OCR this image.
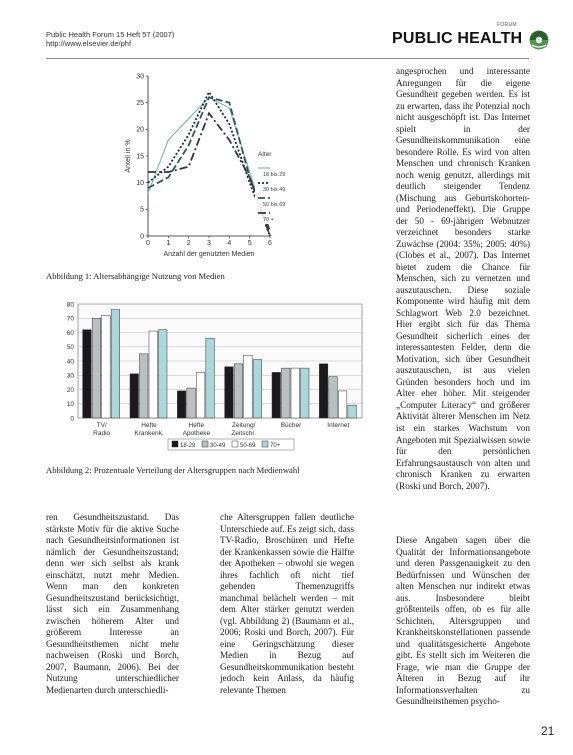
Public Health Forum 15 Heft 57 (2007)
http://www.elsevier.de/phf
FORUM
PUBLIC HEALTH
0
5
10
15
20
25
30
0 1 2 3 4 5 6
Anzahl der genutzten Medien
Anteil in %	Alter
18 bis 29
30 bis 49
50 bis 69
70 +
Abbildung 1: Altersabhängige Nutzung von Medien
0
10
20
30
40
50
60
70
80
TV/
Radio
Hefte
Krankenk.
Hefte
Apotheke
Zeitung/
Zeitschr.
Bücher	Internet
18-29 30-49 50-69 70+
Abbildung 2: Prozentuale Verteilung der Altersgruppen nach Medienwahl

angesprochen und interessante Anregungen für die eigene Gesundheit gegeben werden. Es ist zu erwarten, dass ihr Potenzial noch nicht ausgeschöpft ist. Das Internet spielt in der Gesundheitskommunikation eine besondere Rolle. Es wird von alten Menschen und chronisch Kranken noch wenig genutzt, allerdings mit deutlich steigender Tendenz (Mischung aus Geburtskohorten- und Periodeneffekt). Die Gruppe der 50 - 69-jährigen Webnutzer verzeichnet besonders starke Zuwächse (2004: 35%; 2005: 40%) (Clobes et al., 2007). Das Internet bietet zudem die Chance für Menschen, sich zu vernetzen und auszutauschen. Diese soziale Komponente wird häufig mit dem Schlagwort Web 2.0 bezeichnet. Hier ergibt sich für das Thema Gesundheit sicherlich eines der interessantesten Felder, denn die Motivation, sich über Gesundheit auszutauschen, ist aus vielen Gründen besonders hoch und im Alter eher höher. Mit steigender „Computer Literacy“ und größerer Aktivität älterer Menschen im Netz ist ein starkes Wachstum von Angeboten mit Spezialwissen sowie für den persönlichen Erfahrungsaustausch von alten und chronisch Kranken zu erwarten (Roski und Borch, 2007).

ren Gesundheitszustand. Das stärkste Motiv für die aktive Suche nach Gesundheitsinformationen ist nämlich der Gesundheitszustand; denn wer sich selbst als krank einschätzt, nutzt mehr Medien. Wenn man den konkreten Gesundheitszustand berücksichtigt, lässt sich ein Zusammenhang zwischen höherem Alter und größerem Interesse an Gesundheitsthemen nicht mehr nachweisen (Roski und Borch, 2007, Baumann, 2006). Bei der Nutzung unterschiedlicher Medienarten durch unterschiedli-

che Altersgruppen fallen deutliche Unterschiede auf. Es zeigt sich, dass TV-Radio, Broschüren und Hefte der Krankenkassen sowie die Hälfte der Apotheken – obwohl sie wegen ihres fachlich oft nicht tief gehenden Themenzugriffs manchmal belächelt werden – mit dem Alter stärker genutzt werden (vgl. Abbildung 2) (Baumann et al., 2006; Roski und Borch, 2007). Für eine Geringschätzung dieser Medien in Bezug auf Gesundheitskommunikation besteht jedoch kein Anlass, da häufig relevante Themen

Diese Angaben sagen über die Qualität der Informationsangebote und deren Passgenauigkeit zu den Bedürfnissen und Wünschen der alten Menschen nur indirekt etwas aus. Insbesondere bleibt größtenteils offen, ob es für alle Schichten, Altersgruppen und Krankheitskonstellationen passende und qualitätsgesicherte Angebote gibt. Es stellt sich im Weiteren die Frage, wie man die Gruppe der Älteren in Bezug auf ihr Informationsverhalten zu Gesundheitsthemen psycho-

21
